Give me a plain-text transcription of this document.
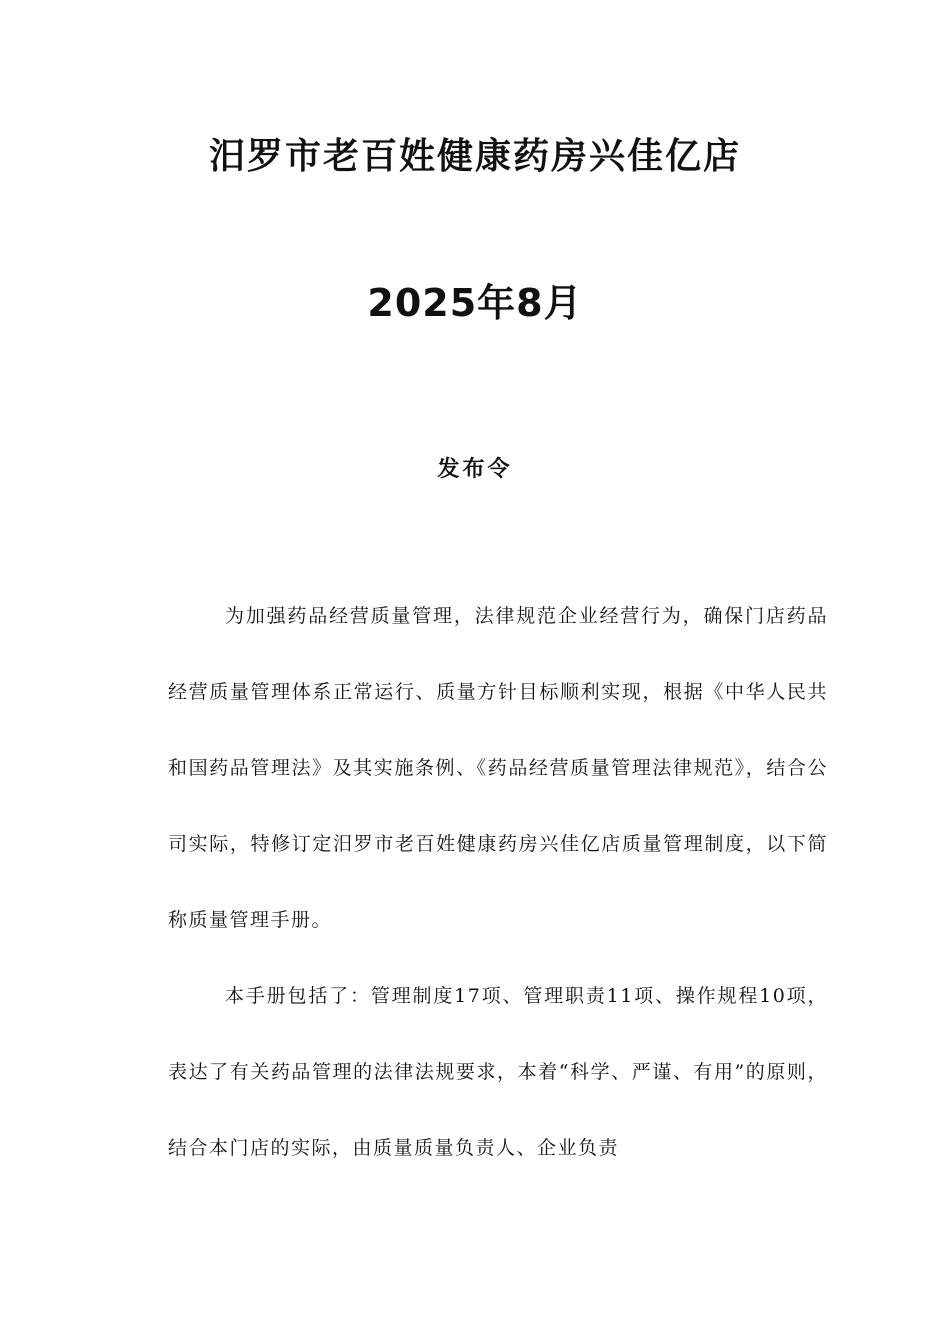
汨罗市老百姓健康药房兴佳亿店
2025年8月
发布令

为加强药品经营质量管理，法律规范企业经营行为，确保门店药品经营质量管理体系正常运行、质量方针目标顺利实现，根据《中华人民共和国药品管理法》及其实施条例、《药品经营质量管理法律规范》，结合公司实际，特修订定汨罗市老百姓健康药房兴佳亿店质量管理制度，以下简称质量管理手册。

本手册包括了：管理制度17项、管理职责11项、操作规程10项，表达了有关药品管理的法律法规要求，本着“科学、严谨、有用”的原则，结合本门店的实际，由质量质量负责人、企业负责
